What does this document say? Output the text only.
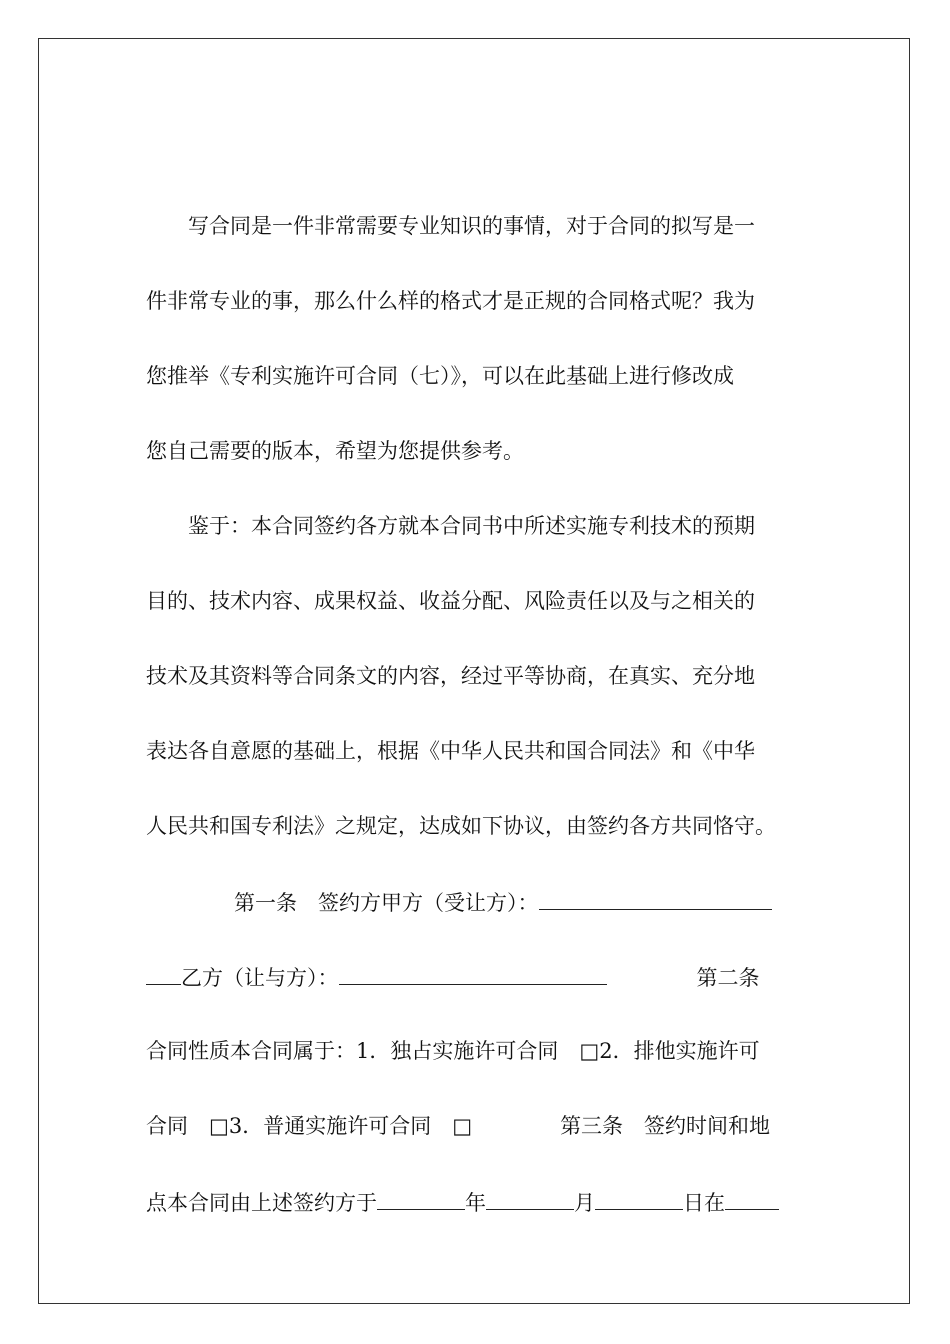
写合同是一件非常需要专业知识的事情，对于合同的拟写是一
件非常专业的事，那么什么样的格式才是正规的合同格式呢？我为
您推举《专利实施许可合同（七）》，可以在此基础上进行修改成
您自己需要的版本，希望为您提供参考。
鉴于：本合同签约各方就本合同书中所述实施专利技术的预期
目的、技术内容、成果权益、收益分配、风险责任以及与之相关的
技术及其资料等合同条文的内容，经过平等协商，在真实、充分地
表达各自意愿的基础上，根据《中华人民共和国合同法》和《中华
人民共和国专利法》之规定，达成如下协议，由签约各方共同恪守。
第一条　签约方甲方（受让方）：
乙方（让与方）：	第二条
合同性质本合同属于：1．独占实施许可合同　□2．排他实施许可
合同　□3．普通实施许可合同　□	第三条　签约时间和地
点本合同由上述签约方于	年	月	日在
